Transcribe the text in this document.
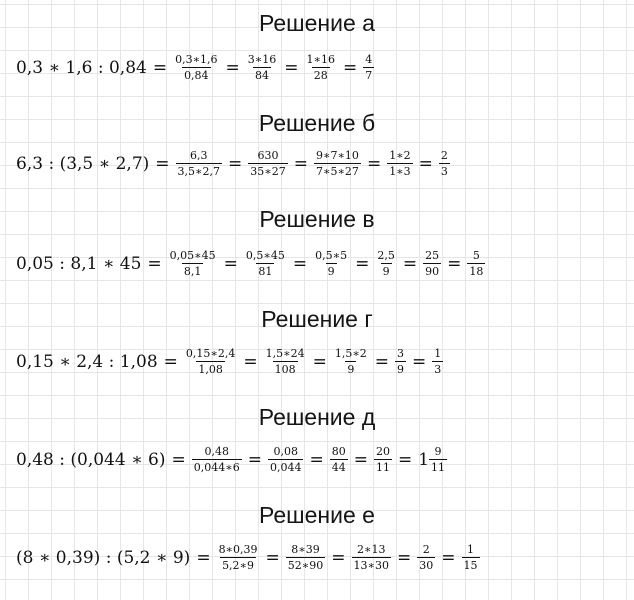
Решение а
0,3 ∗ 1,6 : $0,84 = \frac{0,3∗1,6}{0,84} = \frac{3∗16}{84} = \frac{1∗16}{28} = \frac{4}{7}$
Решение б
6,3 : (3,5 ∗ $2,7) = \frac{6,3}{3,5∗2,7} = \frac{630}{35∗27} = \frac{9∗7∗10}{7∗5∗27} = \frac{1∗2}{1∗3} = \frac{2}{3}$
Решение в
0,05 : 8,1 ∗ $45 = \frac{0,05∗45}{8,1} = \frac{0,5∗45}{81} = \frac{0,5∗5}{9} = \frac{2,5}{9} = \frac{25}{90} = \frac{5}{18}$
Решение г
0,15 ∗ 2,4 : $1,08 = \frac{0,15∗2,4}{1,08} = \frac{1,5∗24}{108} = \frac{1,5∗2}{9} = \frac{3}{9} = \frac{1}{3}$
Решение д
0,48 : (0,044 ∗ $6) = \frac{0,48}{0,044∗6} = \frac{0,08}{0,044} = \frac{80}{44} = \frac{20}{11} = 1 \frac{9}{11}$
Решение е
(8 ∗ 0,39) : (5,2 ∗ $9) = \frac{8∗0,39}{5,2∗9} = \frac{8∗39}{52∗90} = \frac{2∗13}{13∗30} = \frac{2}{30} = \frac{1}{15}$
